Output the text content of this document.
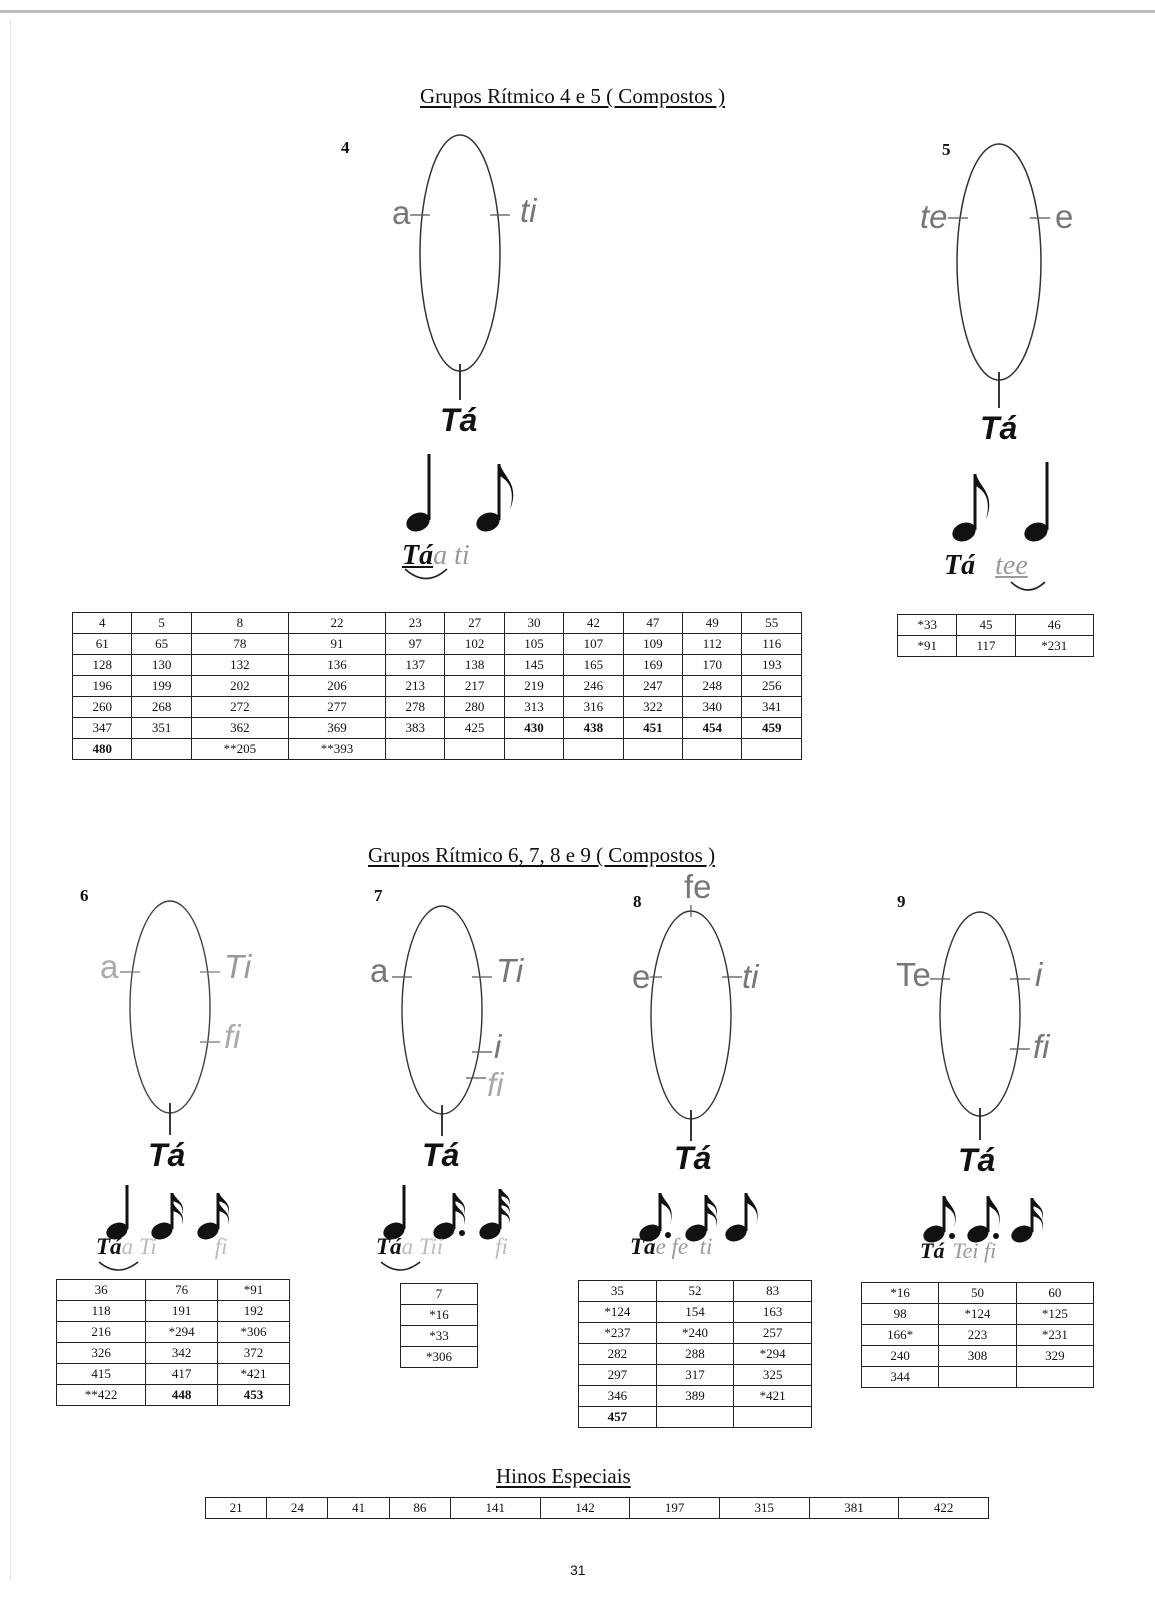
Grupos Rítmico 4 e 5 ( Compostos )
4
a	ti
Tá
Táa ti
5
te	e
Tá
Tá tee
4	5	8	22	23	27	30	42	47	49	55
61	65	78	91	97	102	105	107	109	112	116
128	130	132	136	137	138	145	165	169	170	193
196	199	202	206	213	217	219	246	247	248	256
260	268	272	277	278	280	313	316	322	340	341
347	351	362	369	383	425	430	438	451	454	459
480		**205	**393							
*33	45	46
*91	117	*231
Grupos Rítmico 6, 7, 8 e 9 ( Compostos )
6
a	Ti
fi
Tá
Táa Ti	fi
7
a	Ti
i
fi
Tá
Táa Tii fi
8 fe
e	ti
Tá
Táe fe  ti
9
Te	i
fi
Tá
Tá Tei fi
36	76	*91
118	191	192
216	*294	*306
326	342	372
415	417	*421
**422	448	453
7
*16
*33
*306
35	52	83
*124	154	163
*237	*240	257
282	288	*294
297	317	325
346	389	*421
457		
*16	50	60
98	*124	*125
166*	223	*231
240	308	329
344		
Hinos Especiais
21	24	41	86	141	142	197	315	381	422
31
